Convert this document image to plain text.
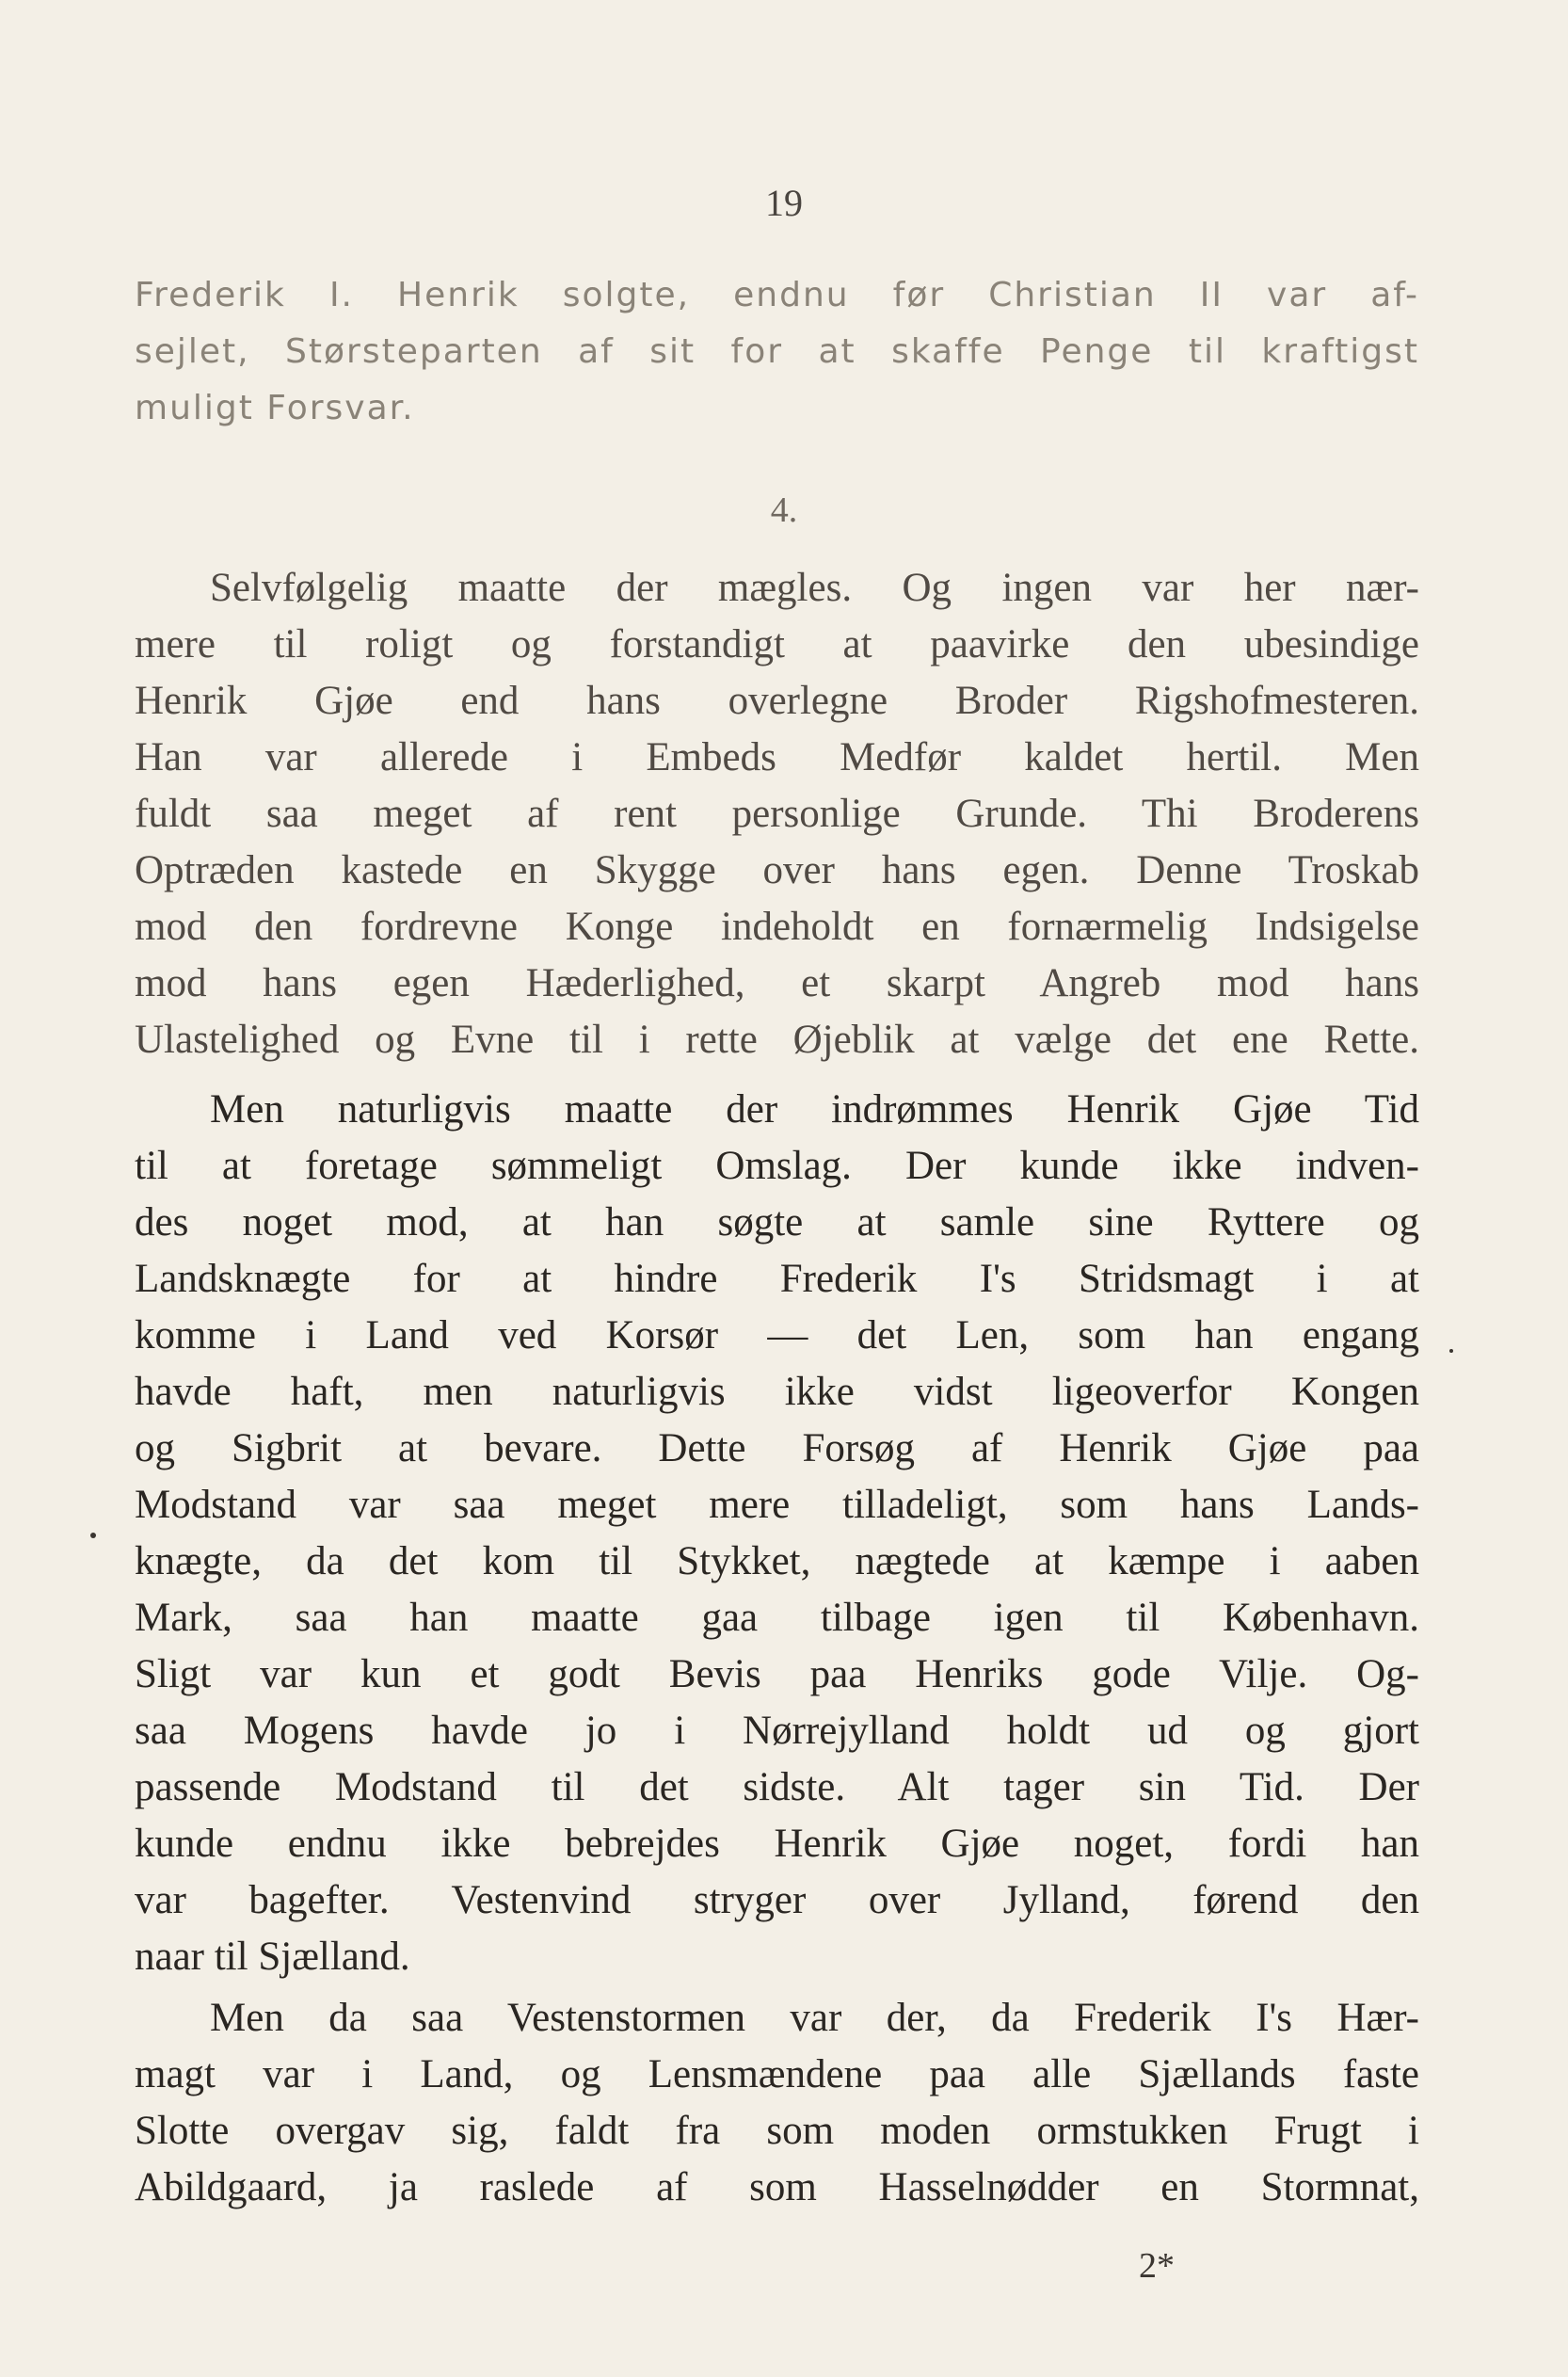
19
Frederik I. Henrik solgte, endnu før Christian II var af-
sejlet, Størsteparten af sit for at skaffe Penge til kraftigst
muligt Forsvar.
4.
Selvfølgelig maatte der mægles. Og ingen var her nær-
mere til roligt og forstandigt at paavirke den ubesindige
Henrik Gjøe end hans overlegne Broder Rigshofmesteren.
Han var allerede i Embeds Medfør kaldet hertil. Men
fuldt saa meget af rent personlige Grunde. Thi Broderens
Optræden kastede en Skygge over hans egen. Denne Troskab
mod den fordrevne Konge indeholdt en fornærmelig Indsigelse
mod hans egen Hæderlighed, et skarpt Angreb mod hans
Ulastelighed og Evne til i rette Øjeblik at vælge det ene Rette.
Men naturligvis maatte der indrømmes Henrik Gjøe Tid
til at foretage sømmeligt Omslag. Der kunde ikke indven-
des noget mod, at han søgte at samle sine Ryttere og
Landsknægte for at hindre Frederik I's Stridsmagt i at
komme i Land ved Korsør — det Len, som han engang
havde haft, men naturligvis ikke vidst ligeoverfor Kongen
og Sigbrit at bevare. Dette Forsøg af Henrik Gjøe paa
Modstand var saa meget mere tilladeligt, som hans Lands-
knægte, da det kom til Stykket, nægtede at kæmpe i aaben
Mark, saa han maatte gaa tilbage igen til København.
Sligt var kun et godt Bevis paa Henriks gode Vilje. Og-
saa Mogens havde jo i Nørrejylland holdt ud og gjort
passende Modstand til det sidste. Alt tager sin Tid. Der
kunde endnu ikke bebrejdes Henrik Gjøe noget, fordi han
var bagefter. Vestenvind stryger over Jylland, førend den
naar til Sjælland.
Men da saa Vestenstormen var der, da Frederik I's Hær-
magt var i Land, og Lensmændene paa alle Sjællands faste
Slotte overgav sig, faldt fra som moden ormstukken Frugt i
Abildgaard, ja raslede af som Hasselnødder en Stormnat,
2*
